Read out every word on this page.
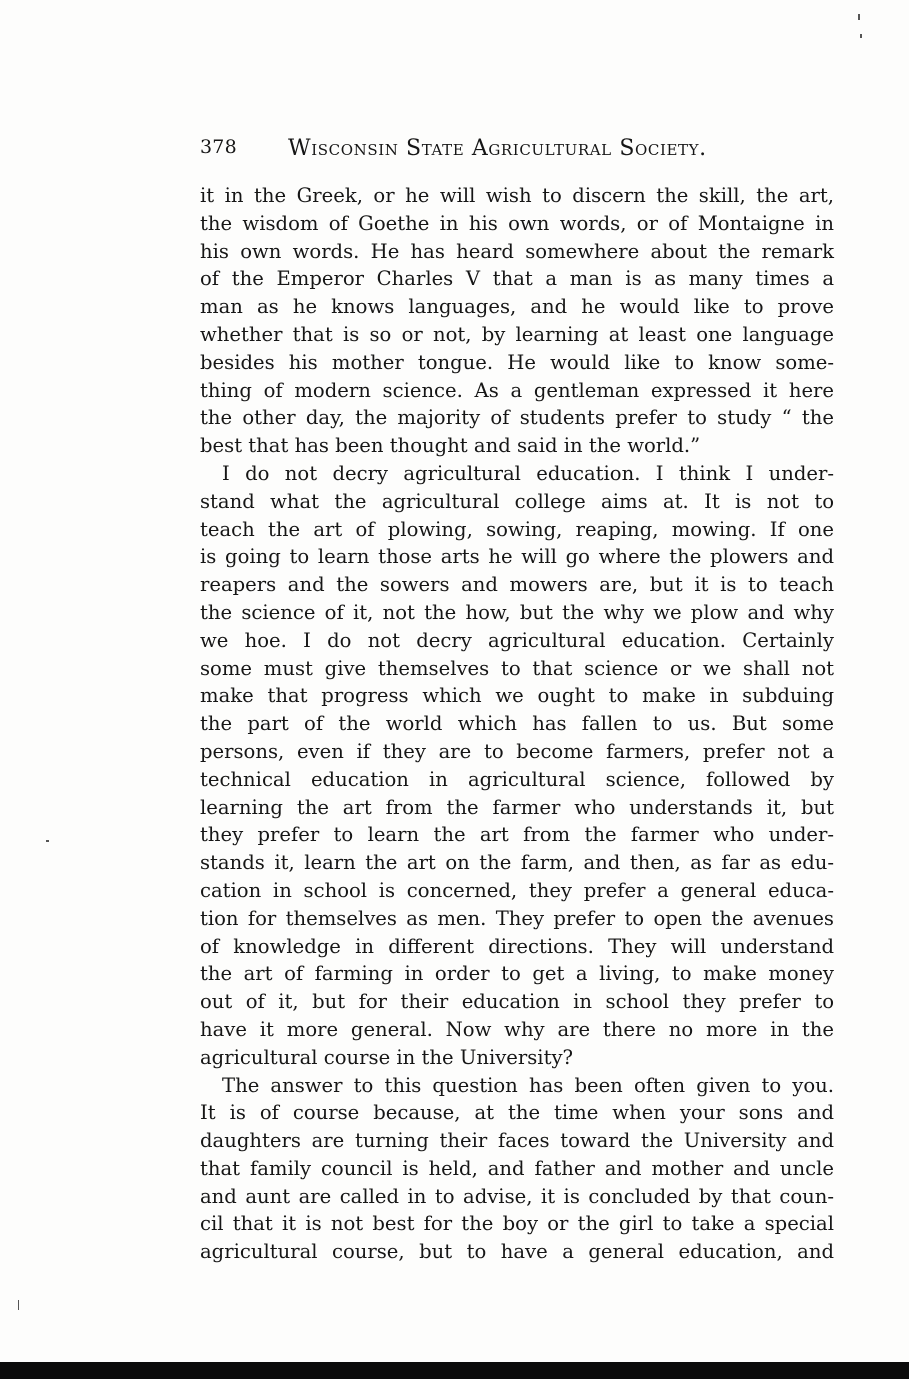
378 Wisconsin State Agricultural Society.
it in the Greek, or he will wish to discern the skill, the art,
the wisdom of Goethe in his own words, or of Montaigne in
his own words. He has heard somewhere about the remark
of the Emperor Charles V that a man is as many times a
man as he knows languages, and he would like to prove
whether that is so or not, by learning at least one language
besides his mother tongue. He would like to know some-
thing of modern science. As a gentleman expressed it here
the other day, the majority of students prefer to study “ the
best that has been thought and said in the world.”
I do not decry agricultural education. I think I under-
stand what the agricultural college aims at. It is not to
teach the art of plowing, sowing, reaping, mowing. If one
is going to learn those arts he will go where the plowers and
reapers and the sowers and mowers are, but it is to teach
the science of it, not the how, but the why we plow and why
we hoe. I do not decry agricultural education. Certainly
some must give themselves to that science or we shall not
make that progress which we ought to make in subduing
the part of the world which has fallen to us. But some
persons, even if they are to become farmers, prefer not a
technical education in agricultural science, followed by
learning the art from the farmer who understands it, but
they prefer to learn the art from the farmer who under-
stands it, learn the art on the farm, and then, as far as edu-
cation in school is concerned, they prefer a general educa-
tion for themselves as men. They prefer to open the avenues
of knowledge in different directions. They will understand
the art of farming in order to get a living, to make money
out of it, but for their education in school they prefer to
have it more general. Now why are there no more in the
agricultural course in the University?
The answer to this question has been often given to you.
It is of course because, at the time when your sons and
daughters are turning their faces toward the University and
that family council is held, and father and mother and uncle
and aunt are called in to advise, it is concluded by that coun-
cil that it is not best for the boy or the girl to take a special
agricultural course, but to have a general education, and
